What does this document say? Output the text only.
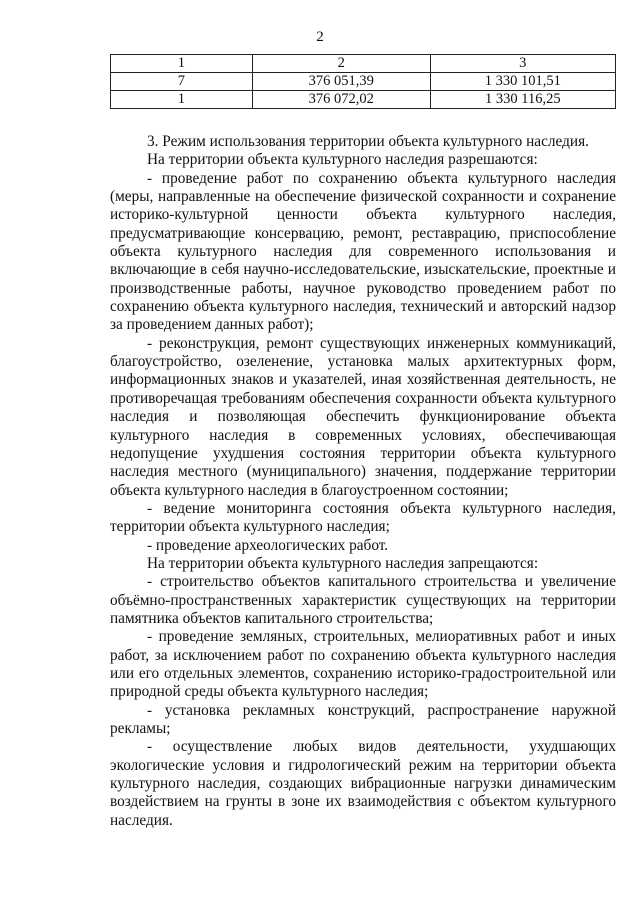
2
1	2	3
7	376 051,39	1 330 101,51
1	376 072,02	1 330 116,25

3. Режим использования территории объекта культурного наследия.

На территории объекта культурного наследия разрешаются:

- проведение работ по сохранению объекта культурного наследия (меры, направленные на обеспечение физической сохранности и сохранение историко-культурной ценности объекта культурного наследия, предусматривающие консервацию, ремонт, реставрацию, приспособление объекта культурного наследия для современного использования и включающие в себя научно-исследовательские, изыскательские, проектные и производственные работы, научное руководство проведением работ по сохранению объекта культурного наследия, технический и авторский надзор за проведением данных работ);

- реконструкция, ремонт существующих инженерных коммуникаций, благоустройство, озеленение, установка малых архитектурных форм, информационных знаков и указателей, иная хозяйственная деятельность, не противоречащая требованиям обеспечения сохранности объекта культурного наследия и позволяющая обеспечить функционирование объекта культурного наследия в современных условиях, обеспечивающая недопущение ухудшения состояния территории объекта культурного наследия местного (муниципального) значения, поддержание территории объекта культурного наследия в благоустроенном состоянии;

- ведение мониторинга состояния объекта культурного наследия, территории объекта культурного наследия;

- проведение археологических работ.

На территории объекта культурного наследия запрещаются:

- строительство объектов капитального строительства и увеличение объёмно-пространственных характеристик существующих на территории памятника объектов капитального строительства;

- проведение земляных, строительных, мелиоративных работ и иных работ, за исключением работ по сохранению объекта культурного наследия или его отдельных элементов, сохранению историко-градостроительной или природной среды объекта культурного наследия;

- установка рекламных конструкций, распространение наружной рекламы;

- осуществление любых видов деятельности, ухудшающих экологические условия и гидрологический режим на территории объекта культурного наследия, создающих вибрационные нагрузки динамическим воздействием на грунты в зоне их взаимодействия с объектом культурного наследия.
